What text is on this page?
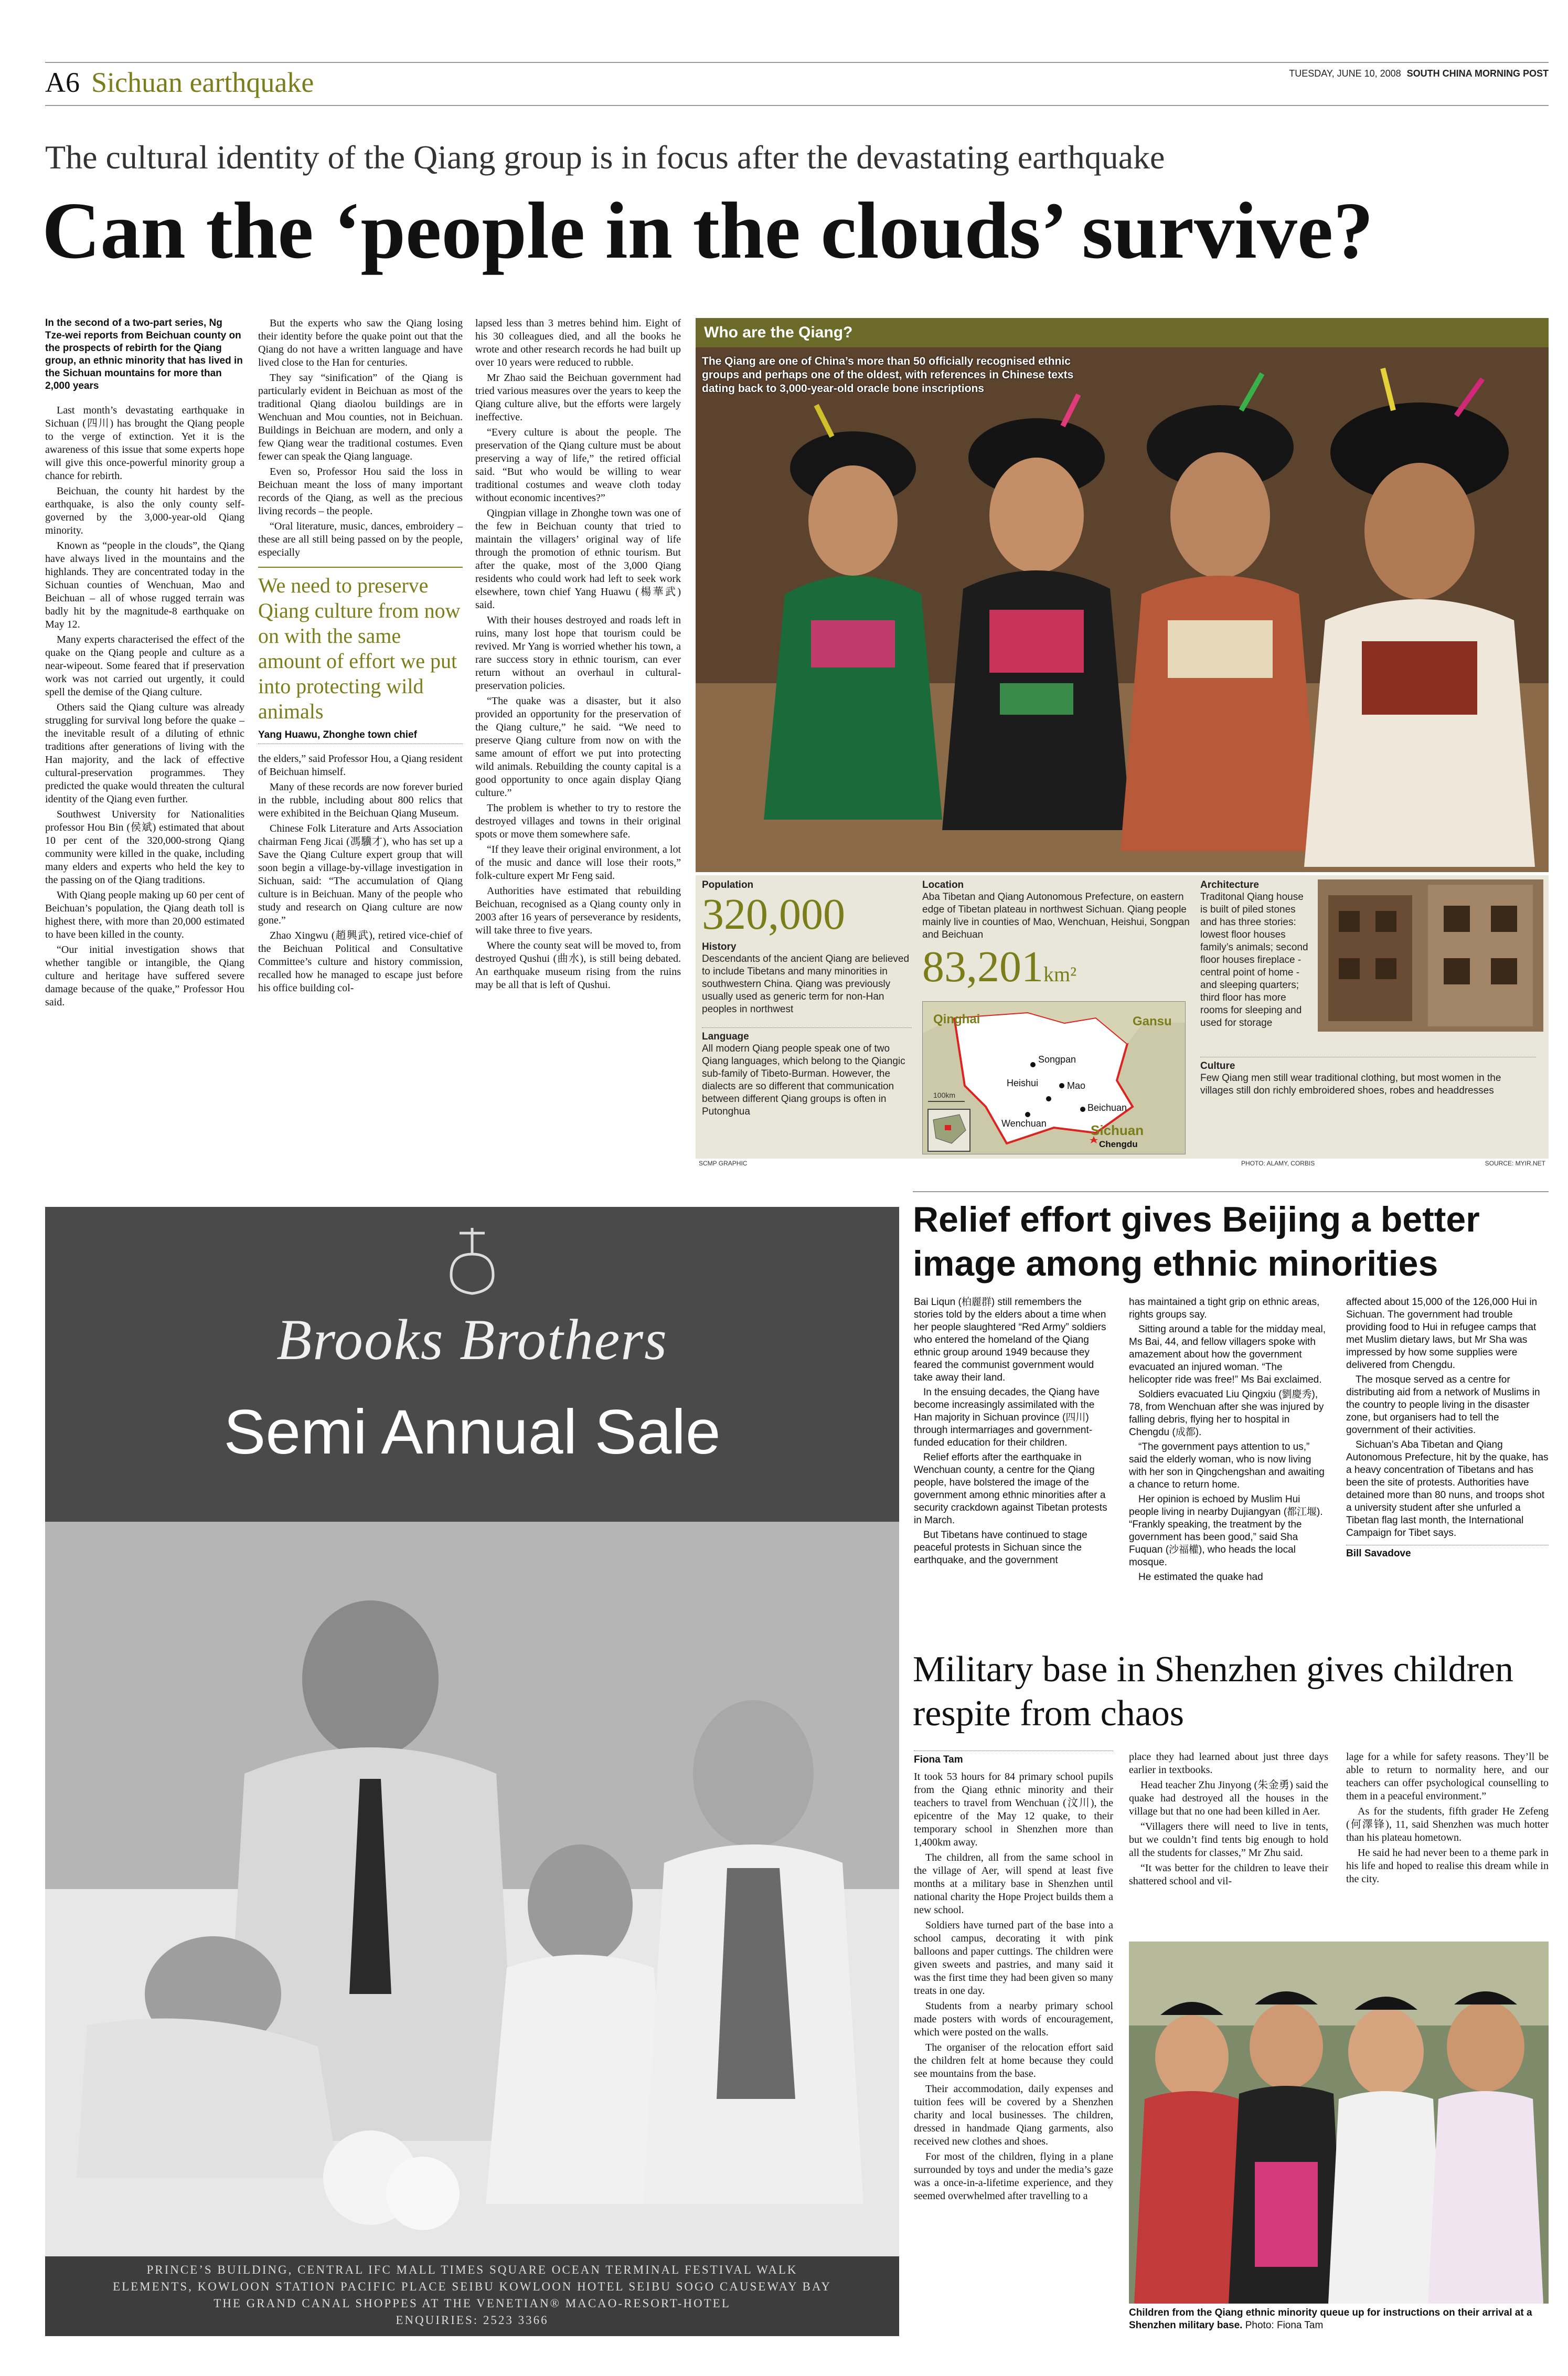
A6 Sichuan earthquake	TUESDAY, JUNE 10, 2008 SOUTH CHINA MORNING POST
The cultural identity of the Qiang group is in focus after the devastating earthquake
Can the ‘people in the clouds’ survive?

In the second of a two-part series, Ng Tze-wei reports from Beichuan county on the prospects of rebirth for the Qiang group, an ethnic minority that has lived in the Sichuan mountains for more than 2,000 years

Last month’s devastating earthquake in Sichuan (四川) has brought the Qiang people to the verge of extinction. Yet it is the awareness of this issue that some experts hope will give this once-powerful minority group a chance for rebirth.

Beichuan, the county hit hardest by the earthquake, is also the only county self-governed by the 3,000-year-old Qiang minority.

Known as “people in the clouds”, the Qiang have always lived in the mountains and the highlands. They are concentrated today in the Sichuan counties of Wenchuan, Mao and Beichuan – all of whose rugged terrain was badly hit by the magnitude-8 earthquake on May 12.

Many experts characterised the effect of the quake on the Qiang people and culture as a near-wipeout. Some feared that if preservation work was not carried out urgently, it could spell the demise of the Qiang culture.

Others said the Qiang culture was already struggling for survival long before the quake – the inevitable result of a diluting of ethnic traditions after generations of living with the Han majority, and the lack of effective cultural-preservation programmes. They predicted the quake would threaten the cultural identity of the Qiang even further.

Southwest University for Nationalities professor Hou Bin (侯斌) estimated that about 10 per cent of the 320,000-strong Qiang community were killed in the quake, including many elders and experts who held the key to the passing on of the Qiang traditions.

With Qiang people making up 60 per cent of Beichuan’s population, the Qiang death toll is highest there, with more than 20,000 estimated to have been killed in the county.

“Our initial investigation shows that whether tangible or intangible, the Qiang culture and heritage have suffered severe damage because of the quake,” Professor Hou said.

But the experts who saw the Qiang losing their identity before the quake point out that the Qiang do not have a written language and have lived close to the Han for centuries.

They say “sinification” of the Qiang is particularly evident in Beichuan as most of the traditional Qiang diaolou buildings are in Wenchuan and Mou counties, not in Beichuan. Buildings in Beichuan are modern, and only a few Qiang wear the traditional costumes. Even fewer can speak the Qiang language.

Even so, Professor Hou said the loss in Beichuan meant the loss of many important records of the Qiang, as well as the precious living records – the people.

“Oral literature, music, dances, embroidery – these are all still being passed on by the people, especially

We need to preserve Qiang culture from now on with the same amount of effort we put into protecting wild animals
Yang Huawu, Zhonghe town chief

the elders,” said Professor Hou, a Qiang resident of Beichuan himself.

Many of these records are now forever buried in the rubble, including about 800 relics that were exhibited in the Beichuan Qiang Museum.

Chinese Folk Literature and Arts Association chairman Feng Jicai (馮驥才), who has set up a Save the Qiang Culture expert group that will soon begin a village-by-village investigation in Sichuan, said: “The accumulation of Qiang culture is in Beichuan. Many of the people who study and research on Qiang culture are now gone.”

Zhao Xingwu (趙興武), retired vice-chief of the Beichuan Political and Consultative Committee’s culture and history commission, recalled how he managed to escape just before his office building col-

lapsed less than 3 metres behind him. Eight of his 30 colleagues died, and all the books he wrote and other research records he had built up over 10 years were reduced to rubble.

Mr Zhao said the Beichuan government had tried various measures over the years to keep the Qiang culture alive, but the efforts were largely ineffective.

“Every culture is about the people. The preservation of the Qiang culture must be about preserving a way of life,” the retired official said. “But who would be willing to wear traditional costumes and weave cloth today without economic incentives?”

Qingpian village in Zhonghe town was one of the few in Beichuan county that tried to maintain the villagers’ original way of life through the promotion of ethnic tourism. But after the quake, most of the 3,000 Qiang residents who could work had left to seek work elsewhere, town chief Yang Huawu (楊華武) said.

With their houses destroyed and roads left in ruins, many lost hope that tourism could be revived. Mr Yang is worried whether his town, a rare success story in ethnic tourism, can ever return without an overhaul in cultural-preservation policies.

“The quake was a disaster, but it also provided an opportunity for the preservation of the Qiang culture,” he said. “We need to preserve Qiang culture from now on with the same amount of effort we put into protecting wild animals. Rebuilding the county capital is a good opportunity to once again display Qiang culture.”

The problem is whether to try to restore the destroyed villages and towns in their original spots or move them somewhere safe.

“If they leave their original environment, a lot of the music and dance will lose their roots,” folk-culture expert Mr Feng said.

Authorities have estimated that rebuilding Beichuan, recognised as a Qiang county only in 2003 after 16 years of perseverance by residents, will take three to five years.

Where the county seat will be moved to, from destroyed Qushui (曲水), is still being debated. An earthquake museum rising from the ruins may be all that is left of Qushui.

Who are the Qiang?
The Qiang are one of China’s more than 50 officially recognised ethnic groups and perhaps one of the oldest, with references in Chinese texts dating back to 3,000-year-old oracle bone inscriptions
Population
320,000
History
Descendants of the ancient Qiang are believed to include Tibetans and many minorities in southwestern China. Qiang was previously usually used as generic term for non-Han peoples in northwest
Language
All modern Qiang people speak one of two Qiang languages, which belong to the Qiangic sub-family of Tibeto-Burman. However, the dialects are so different that communication between different Qiang groups is often in Putonghua
Location
Aba Tibetan and Qiang Autonomous Prefecture, on eastern edge of Tibetan plateau in northwest Sichuan. Qiang people mainly live in counties of Mao, Wenchuan, Heishui, Songpan and Beichuan
83,201km²
Qinghai	Gansu
Songpan
Heishui	Mao
Beichuan
Wenchuan	Sichuan
Chengdu
100km
Architecture
Traditonal Qiang house is built of piled stones and has three stories: lowest floor houses family’s animals; second floor houses fireplace - central point of home - and sleeping quarters; third floor has more rooms for sleeping and used for storage
Culture
Few Qiang men still wear traditional clothing, but most women in the villages still don richly embroidered shoes, robes and headdresses
SCMP GRAPHIC	PHOTO: ALAMY, CORBIS	SOURCE: MYIR.NET
Brooks Brothers
Semi Annual Sale
PRINCE’S BUILDING, CENTRAL IFC MALL TIMES SQUARE OCEAN TERMINAL FESTIVAL WALK
ELEMENTS, KOWLOON STATION PACIFIC PLACE SEIBU KOWLOON HOTEL SEIBU SOGO CAUSEWAY BAY
THE GRAND CANAL SHOPPES AT THE VENETIAN® MACAO-RESORT-HOTEL
ENQUIRIES: 2523 3366
Relief effort gives Beijing a better image among ethnic minorities

Bai Liqun (柏麗群) still remembers the stories told by the elders about a time when her people slaughtered “Red Army” soldiers who entered the homeland of the Qiang ethnic group around 1949 because they feared the communist government would take away their land.

In the ensuing decades, the Qiang have become increasingly assimilated with the Han majority in Sichuan province (四川) through intermarriages and government-funded education for their children.

Relief efforts after the earthquake in Wenchuan county, a centre for the Qiang people, have bolstered the image of the government among ethnic minorities after a security crackdown against Tibetan protests in March.

But Tibetans have continued to stage peaceful protests in Sichuan since the earthquake, and the government

has maintained a tight grip on ethnic areas, rights groups say.

Sitting around a table for the midday meal, Ms Bai, 44, and fellow villagers spoke with amazement about how the government evacuated an injured woman. “The helicopter ride was free!” Ms Bai exclaimed.

Soldiers evacuated Liu Qingxiu (劉慶秀), 78, from Wenchuan after she was injured by falling debris, flying her to hospital in Chengdu (成都).

“The government pays attention to us,” said the elderly woman, who is now living with her son in Qingchengshan and awaiting a chance to return home.

Her opinion is echoed by Muslim Hui people living in nearby Dujiangyan (都江堰). “Frankly speaking, the treatment by the government has been good,” said Sha Fuquan (沙福權), who heads the local mosque.

He estimated the quake had

affected about 15,000 of the 126,000 Hui in Sichuan. The government had trouble providing food to Hui in refugee camps that met Muslim dietary laws, but Mr Sha was impressed by how some supplies were delivered from Chengdu.

The mosque served as a centre for distributing aid from a network of Muslims in the country to people living in the disaster zone, but organisers had to tell the government of their activities.

Sichuan’s Aba Tibetan and Qiang Autonomous Prefecture, hit by the quake, has a heavy concentration of Tibetans and has been the site of protests. Authorities have detained more than 80 nuns, and troops shot a university student after she unfurled a Tibetan flag last month, the International Campaign for Tibet says.

Bill Savadove
Military base in Shenzhen gives children respite from chaos
Fiona Tam

It took 53 hours for 84 primary school pupils from the Qiang ethnic minority and their teachers to travel from Wenchuan (汶川), the epicentre of the May 12 quake, to their temporary school in Shenzhen more than 1,400km away.

The children, all from the same school in the village of Aer, will spend at least five months at a military base in Shenzhen until national charity the Hope Project builds them a new school.

Soldiers have turned part of the base into a school campus, decorating it with pink balloons and paper cuttings. The children were given sweets and pastries, and many said it was the first time they had been given so many treats in one day.

Students from a nearby primary school made posters with words of encouragement, which were posted on the walls.

The organiser of the relocation effort said the children felt at home because they could see mountains from the base.

Their accommodation, daily expenses and tuition fees will be covered by a Shenzhen charity and local businesses. The children, dressed in handmade Qiang garments, also received new clothes and shoes.

For most of the children, flying in a plane surrounded by toys and under the media’s gaze was a once-in-a-lifetime experience, and they seemed overwhelmed after travelling to a

place they had learned about just three days earlier in textbooks.

Head teacher Zhu Jinyong (朱金勇) said the quake had destroyed all the houses in the village but that no one had been killed in Aer.

“Villagers there will need to live in tents, but we couldn’t find tents big enough to hold all the students for classes,” Mr Zhu said.

“It was better for the children to leave their shattered school and vil-

lage for a while for safety reasons. They’ll be able to return to normality here, and our teachers can offer psychological counselling to them in a peaceful environment.”

As for the students, fifth grader He Zefeng (何澤锋), 11, said Shenzhen was much hotter than his plateau hometown.

He said he had never been to a theme park in his life and hoped to realise this dream while in the city.

Children from the Qiang ethnic minority queue up for instructions on their arrival at a Shenzhen military base. Photo: Fiona Tam
